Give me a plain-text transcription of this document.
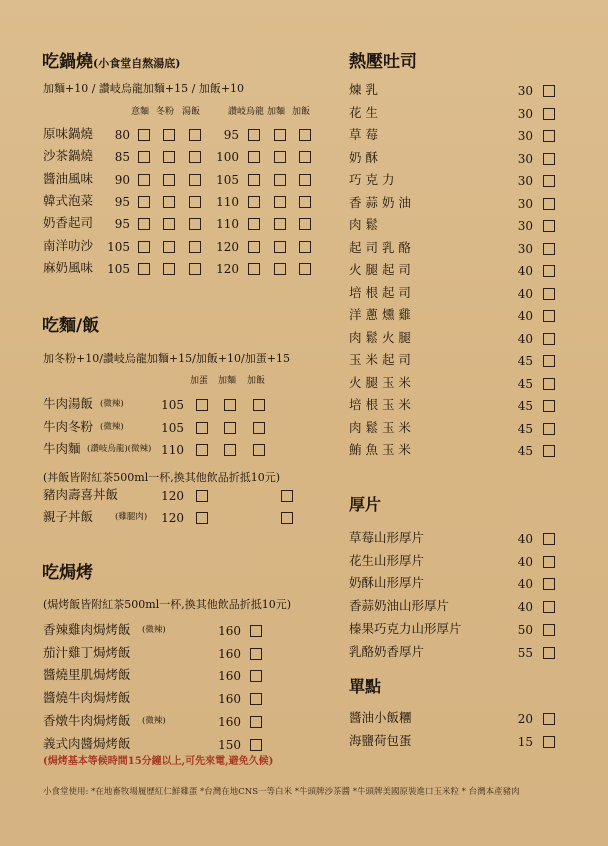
吃鍋燒(小食堂自熬湯底)
加麵+10 / 讚岐烏龍加麵+15 / 加飯+10
意麵 冬粉 湯飯	讚岐烏龍 加麵 加飯
原味鍋燒	80	95
沙茶鍋燒	85	100
醬油風味	90	105
韓式泡菜	95	110
奶香起司	95	110
南洋叻沙	105	120
麻奶風味	105	120
吃麵/飯
加冬粉+10/讚岐烏龍加麵+15/加飯+10/加蛋+15
加蛋 加麵 加飯
牛肉湯飯 (微辣)	105
牛肉冬粉 (微辣)	105
牛肉麵 (讚岐烏龍)(微辣) 110
(丼飯皆附紅茶500ml一杯,換其他飲品折抵10元)
豬肉壽喜丼飯	120
親子丼飯	(雞腿肉)	120
吃焗烤
(焗烤飯皆附紅茶500ml一杯,換其他飲品折抵10元)
香辣雞肉焗烤飯 (微辣)	160
茄汁雞丁焗烤飯	160
醬燒里肌焗烤飯	160
醬燒牛肉焗烤飯	160
香燉牛肉焗烤飯 (微辣)	160
義式肉醬焗烤飯	150
(焗烤基本等候時間15分鐘以上,可先來電,避免久候)
熱壓吐司
煉 乳	30
花 生	30
草 莓	30
奶 酥	30
巧 克 力	30
香 蒜 奶 油	30
肉 鬆	30
起 司 乳 酪	30
火 腿 起 司	40
培 根 起 司	40
洋 蔥 燻 雞	40
肉 鬆 火 腿	40
玉 米 起 司	45
火 腿 玉 米	45
培 根 玉 米	45
肉 鬆 玉 米	45
鮪 魚 玉 米	45
厚片
草莓山形厚片	40
花生山形厚片	40
奶酥山形厚片	40
香蒜奶油山形厚片	40
榛果巧克力山形厚片	50
乳酪奶香厚片	55
單點
醬油小飯糰	20
海鹽荷包蛋	15
小食堂使用: *在地畜牧場履歷紅仁鮮雞蛋 *台灣在地CNS一等白米 *牛頭牌沙茶醬 *牛頭牌美國原裝進口玉米粒 * 台灣本產豬肉
